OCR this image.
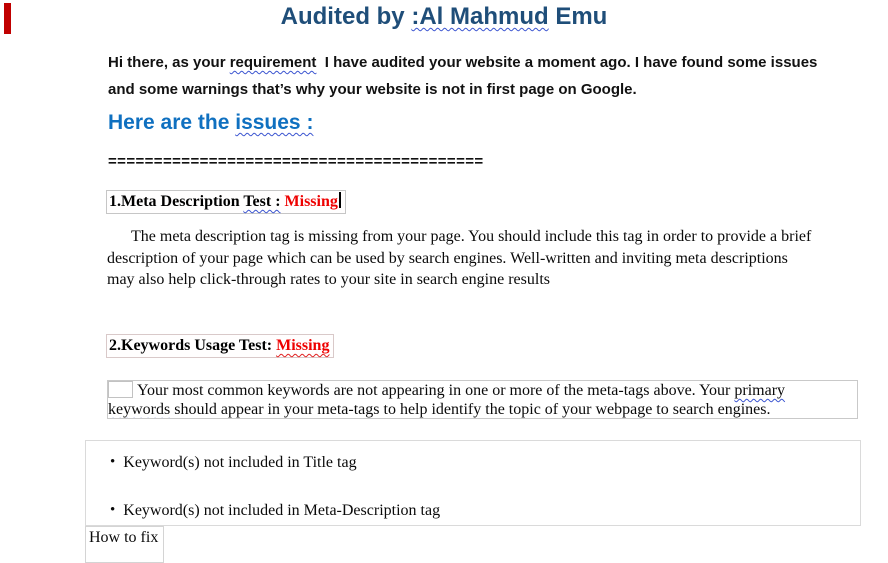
Audited by :Al Mahmud Emu
Hi there, as your requirement  I have audited your website a moment ago. I have found some issues
and some warnings that’s why your website is not in first page on Google.
Here are the issues :
=========================================
1.Meta Description Test : Missing
The meta description tag is missing from your page. You should include this tag in order to provide a brief
description of your page which can be used by search engines. Well-written and inviting meta descriptions
may also help click-through rates to your site in search engine results
2.Keywords Usage Test: Missing
Your most common keywords are not appearing in one or more of the meta-tags above. Your primary
keywords should appear in your meta-tags to help identify the topic of your webpage to search engines.
• Keyword(s) not included in Title tag
• Keyword(s) not included in Meta-Description tag
How to fix
